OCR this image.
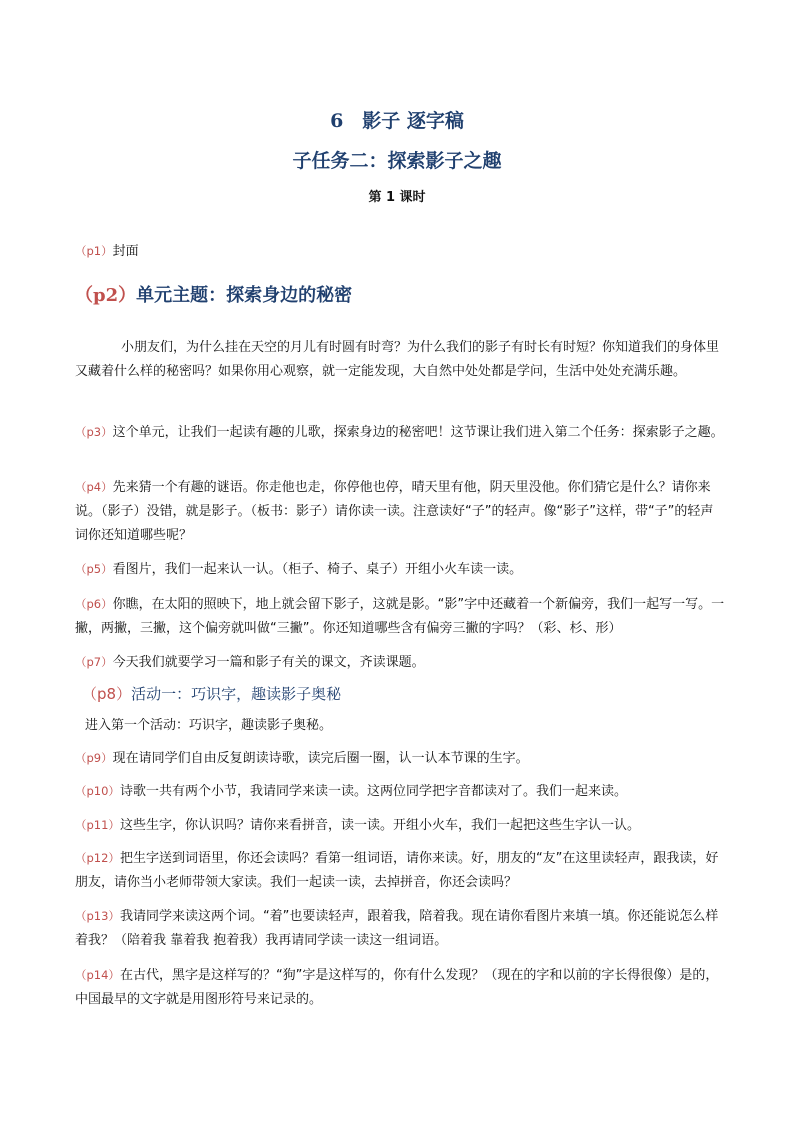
6　影子 逐字稿
子任务二：探索影子之趣
第 1 课时
（p1）封面
（p2）单元主题：探索身边的秘密
小朋友们，为什么挂在天空的月儿有时圆有时弯？为什么我们的影子有时长有时短？你知道我们的身体里又藏着什么样的秘密吗？如果你用心观察，就一定能发现，大自然中处处都是学问，生活中处处充满乐趣。
（p3）这个单元，让我们一起读有趣的儿歌，探索身边的秘密吧！这节课让我们进入第二个任务：探索影子之趣。
（p4）先来猜一个有趣的谜语。你走他也走，你停他也停，晴天里有他，阴天里没他。你们猜它是什么？请你来说。（影子）没错，就是影子。（板书：影子）请你读一读。注意读好“子”的轻声。像“影子”这样，带“子”的轻声词你还知道哪些呢？
（p5）看图片，我们一起来认一认。（柜子、椅子、桌子）开组小火车读一读。
（p6）你瞧，在太阳的照映下，地上就会留下影子，这就是影。“影”字中还藏着一个新偏旁，我们一起写一写。一撇，两撇，三撇，这个偏旁就叫做“三撇”。你还知道哪些含有偏旁三撇的字吗？（彩、杉、形）
（p7）今天我们就要学习一篇和影子有关的课文，齐读课题。
（p8）活动一：巧识字，趣读影子奥秘
进入第一个活动：巧识字，趣读影子奥秘。
（p9）现在请同学们自由反复朗读诗歌，读完后圈一圈，认一认本节课的生字。
（p10）诗歌一共有两个小节，我请同学来读一读。这两位同学把字音都读对了。我们一起来读。
（p11）这些生字，你认识吗？请你来看拼音，读一读。开组小火车，我们一起把这些生字认一认。
（p12）把生字送到词语里，你还会读吗？看第一组词语，请你来读。好，朋友的“友”在这里读轻声，跟我读，好朋友，请你当小老师带领大家读。我们一起读一读，去掉拼音，你还会读吗？
（p13）我请同学来读这两个词。“着”也要读轻声，跟着我，陪着我。现在请你看图片来填一填。你还能说怎么样着我？（陪着我 靠着我 抱着我）我再请同学读一读这一组词语。
（p14）在古代，黑字是这样写的？“狗”字是这样写的，你有什么发现？（现在的字和以前的字长得很像）是的，中国最早的文字就是用图形符号来记录的。
